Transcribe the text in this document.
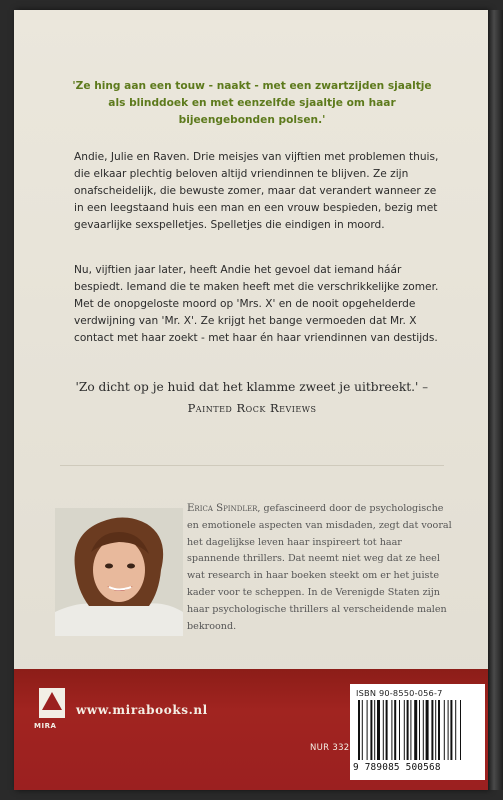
'Ze hing aan een touw - naakt - met een zwartzijden sjaaltje als blinddoek en met eenzelfde sjaaltje om haar bijeengebonden polsen.'
Andie, Julie en Raven. Drie meisjes van vijftien met problemen thuis, die elkaar plechtig beloven altijd vriendinnen te blijven. Ze zijn onafscheidelijk, die bewuste zomer, maar dat verandert wanneer ze in een leegstaand huis een man en een vrouw bespieden, bezig met gevaarlijke sexspelletjes. Spelletjes die eindigen in moord.
Nu, vijftien jaar later, heeft Andie het gevoel dat iemand háár bespiedt. Iemand die te maken heeft met die verschrikkelijke zomer. Met de onopgeloste moord op 'Mrs. X' en de nooit opgehelderde verdwijning van 'Mr. X'. Ze krijgt het bange vermoeden dat Mr. X contact met haar zoekt - met haar én haar vriendinnen van destijds.
'Zo dicht op je huid dat het klamme zweet je uitbreekt.' – Painted Rock Reviews
Erica Spindler, gefascineerd door de psychologische en emotionele aspecten van misdaden, zegt dat vooral het dagelijkse leven haar inspireert tot haar spannende thrillers. Dat neemt niet weg dat ze heel wat research in haar boeken steekt om er het juiste kader voor te scheppen. In de Verenigde Staten zijn haar psychologische thrillers al verscheidende malen bekroond.
MIRA
www.mirabooks.nl
NUR 332
ISBN 90-8550-056-7
9 789085 500568
